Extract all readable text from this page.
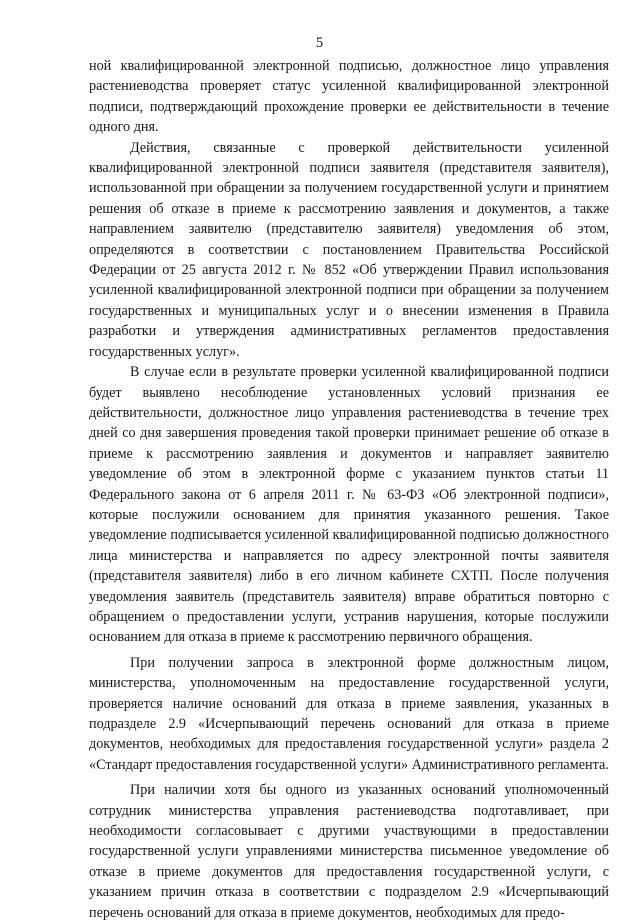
5

ной квалифицированной электронной подписью, должностное лицо управления растениеводства проверяет статус усиленной квалифицированной электронной подписи, подтверждающий прохождение проверки ее действительности в течение одного дня.

Действия, связанные с проверкой действительности усиленной квалифицированной электронной подписи заявителя (представителя заявителя), использованной при обращении за получением государственной услуги и принятием решения об отказе в приеме к рассмотрению заявления и документов, а также направлением заявителю (представителю заявителя) уведомления об этом, определяются в соответствии с постановлением Правительства Российской Федерации от 25 августа 2012 г. № 852 «Об утверждении Правил использования усиленной квалифицированной электронной подписи при обращении за получением государственных и муниципальных услуг и о внесении изменения в Правила разработки и утверждения административных регламентов предоставления государственных услуг».

В случае если в результате проверки усиленной квалифицированной подписи будет выявлено несоблюдение установленных условий признания ее действительности, должностное лицо управления растениеводства в течение трех дней со дня завершения проведения такой проверки принимает решение об отказе в приеме к рассмотрению заявления и документов и направляет заявителю уведомление об этом в электронной форме с указанием пунктов статьи 11 Федерального закона от 6 апреля 2011 г. № 63-ФЗ «Об электронной подписи», которые послужили основанием для принятия указанного решения. Такое уведомление подписывается усиленной квалифицированной подписью должностного лица министерства и направляется по адресу электронной почты заявителя (представителя заявителя) либо в его личном кабинете СХТП. После получения уведомления заявитель (представитель заявителя) вправе обратиться повторно с обращением о предоставлении услуги, устранив нарушения, которые послужили основанием для отказа в приеме к рассмотрению первичного обращения.

При получении запроса в электронной форме должностным лицом, министерства, уполномоченным на предоставление государственной услуги, проверяется наличие оснований для отказа в приеме заявления, указанных в подразделе 2.9 «Исчерпывающий перечень оснований для отказа в приеме документов, необходимых для предоставления государственной услуги» раздела 2 «Стандарт предоставления государственной услуги» Административного регламента.

При наличии хотя бы одного из указанных оснований уполномоченный сотрудник министерства управления растениеводства подготавливает, при необходимости согласовывает с другими участвующими в предоставлении государственной услуги управлениями министерства письменное уведомление об отказе в приеме документов для предоставления государственной услуги, с указанием причин отказа в соответствии с подразделом 2.9 «Исчерпывающий перечень оснований для отказа в приеме документов, необходимых для предо-
